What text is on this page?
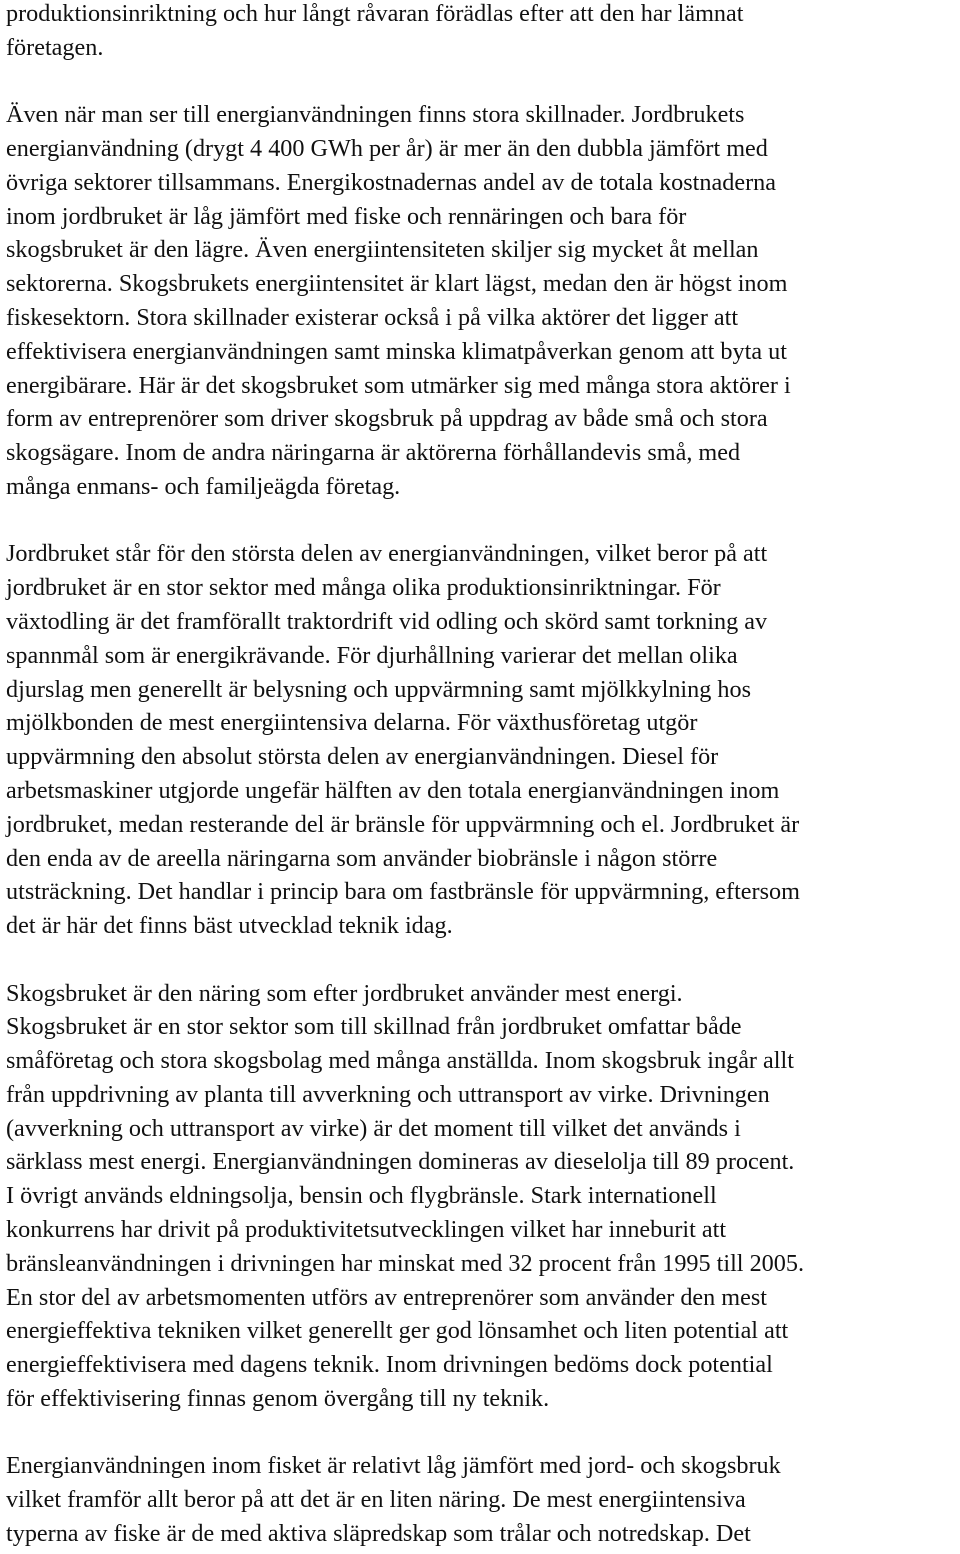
produktionsinriktning och hur långt råvaran förädlas efter att den har lämnat
företagen.

Även när man ser till energianvändningen finns stora skillnader. Jordbrukets
energianvändning (drygt 4 400 GWh per år) är mer än den dubbla jämfört med
övriga sektorer tillsammans. Energikostnadernas andel av de totala kostnaderna
inom jordbruket är låg jämfört med fiske och rennäringen och bara för
skogsbruket är den lägre. Även energiintensiteten skiljer sig mycket åt mellan
sektorerna. Skogsbrukets energiintensitet är klart lägst, medan den är högst inom
fiskesektorn. Stora skillnader existerar också i på vilka aktörer det ligger att
effektivisera energianvändningen samt minska klimatpåverkan genom att byta ut
energibärare. Här är det skogsbruket som utmärker sig med många stora aktörer i
form av entreprenörer som driver skogsbruk på uppdrag av både små och stora
skogsägare. Inom de andra näringarna är aktörerna förhållandevis små, med
många enmans- och familjeägda företag.

Jordbruket står för den största delen av energianvändningen, vilket beror på att
jordbruket är en stor sektor med många olika produktionsinriktningar. För
växtodling är det framförallt traktordrift vid odling och skörd samt torkning av
spannmål som är energikrävande. För djurhållning varierar det mellan olika
djurslag men generellt är belysning och uppvärmning samt mjölkkylning hos
mjölkbonden de mest energiintensiva delarna. För växthusföretag utgör
uppvärmning den absolut största delen av energianvändningen. Diesel för
arbetsmaskiner utgjorde ungefär hälften av den totala energianvändningen inom
jordbruket, medan resterande del är bränsle för uppvärmning och el. Jordbruket är
den enda av de areella näringarna som använder biobränsle i någon större
utsträckning. Det handlar i princip bara om fastbränsle för uppvärmning, eftersom
det är här det finns bäst utvecklad teknik idag.

Skogsbruket är den näring som efter jordbruket använder mest energi.
Skogsbruket är en stor sektor som till skillnad från jordbruket omfattar både
småföretag och stora skogsbolag med många anställda. Inom skogsbruk ingår allt
från uppdrivning av planta till avverkning och uttransport av virke. Drivningen
(avverkning och uttransport av virke) är det moment till vilket det används i
särklass mest energi. Energianvändningen domineras av dieselolja till 89 procent.
I övrigt används eldningsolja, bensin och flygbränsle. Stark internationell
konkurrens har drivit på produktivitetsutvecklingen vilket har inneburit att
bränsleanvändningen i drivningen har minskat med 32 procent från 1995 till 2005.
En stor del av arbetsmomenten utförs av entreprenörer som använder den mest
energieffektiva tekniken vilket generellt ger god lönsamhet och liten potential att
energieffektivisera med dagens teknik. Inom drivningen bedöms dock potential
för effektivisering finnas genom övergång till ny teknik.

Energianvändningen inom fisket är relativt låg jämfört med jord- och skogsbruk
vilket framför allt beror på att det är en liten näring. De mest energiintensiva
typerna av fiske är de med aktiva släpredskap som trålar och notredskap. Det
